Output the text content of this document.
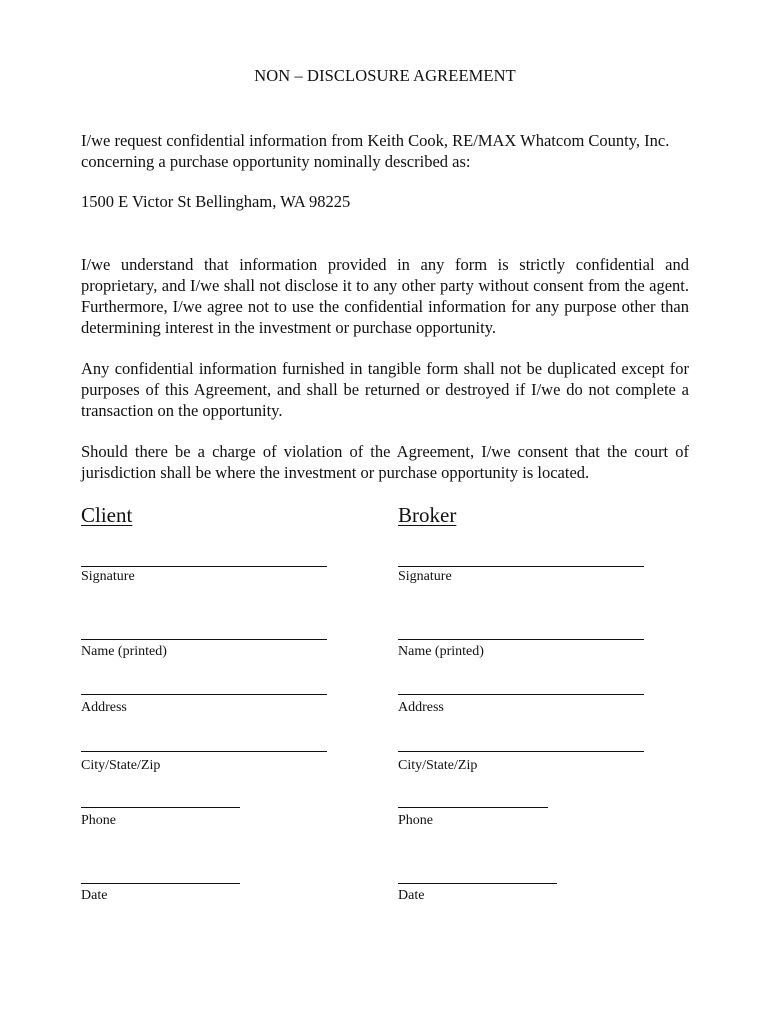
NON – DISCLOSURE AGREEMENT
I/we request confidential information from Keith Cook, RE/MAX Whatcom County, Inc. concerning a purchase opportunity nominally described as:
1500 E Victor St Bellingham, WA 98225
I/we understand that information provided in any form is strictly confidential and proprietary, and I/we shall not disclose it to any other party without consent from the agent. Furthermore, I/we agree not to use the confidential information for any purpose other than determining interest in the investment or purchase opportunity.
Any confidential information furnished in tangible form shall not be duplicated except for purposes of this Agreement, and shall be returned or destroyed if I/we do not complete a transaction on the opportunity.
Should there be a charge of violation of the Agreement, I/we consent that the court of jurisdiction shall be where the investment or purchase opportunity is located.
Client	Broker
Signature
Name (printed)
Address
City/State/Zip
Phone
Date
Signature
Name (printed)
Address
City/State/Zip
Phone
Date
